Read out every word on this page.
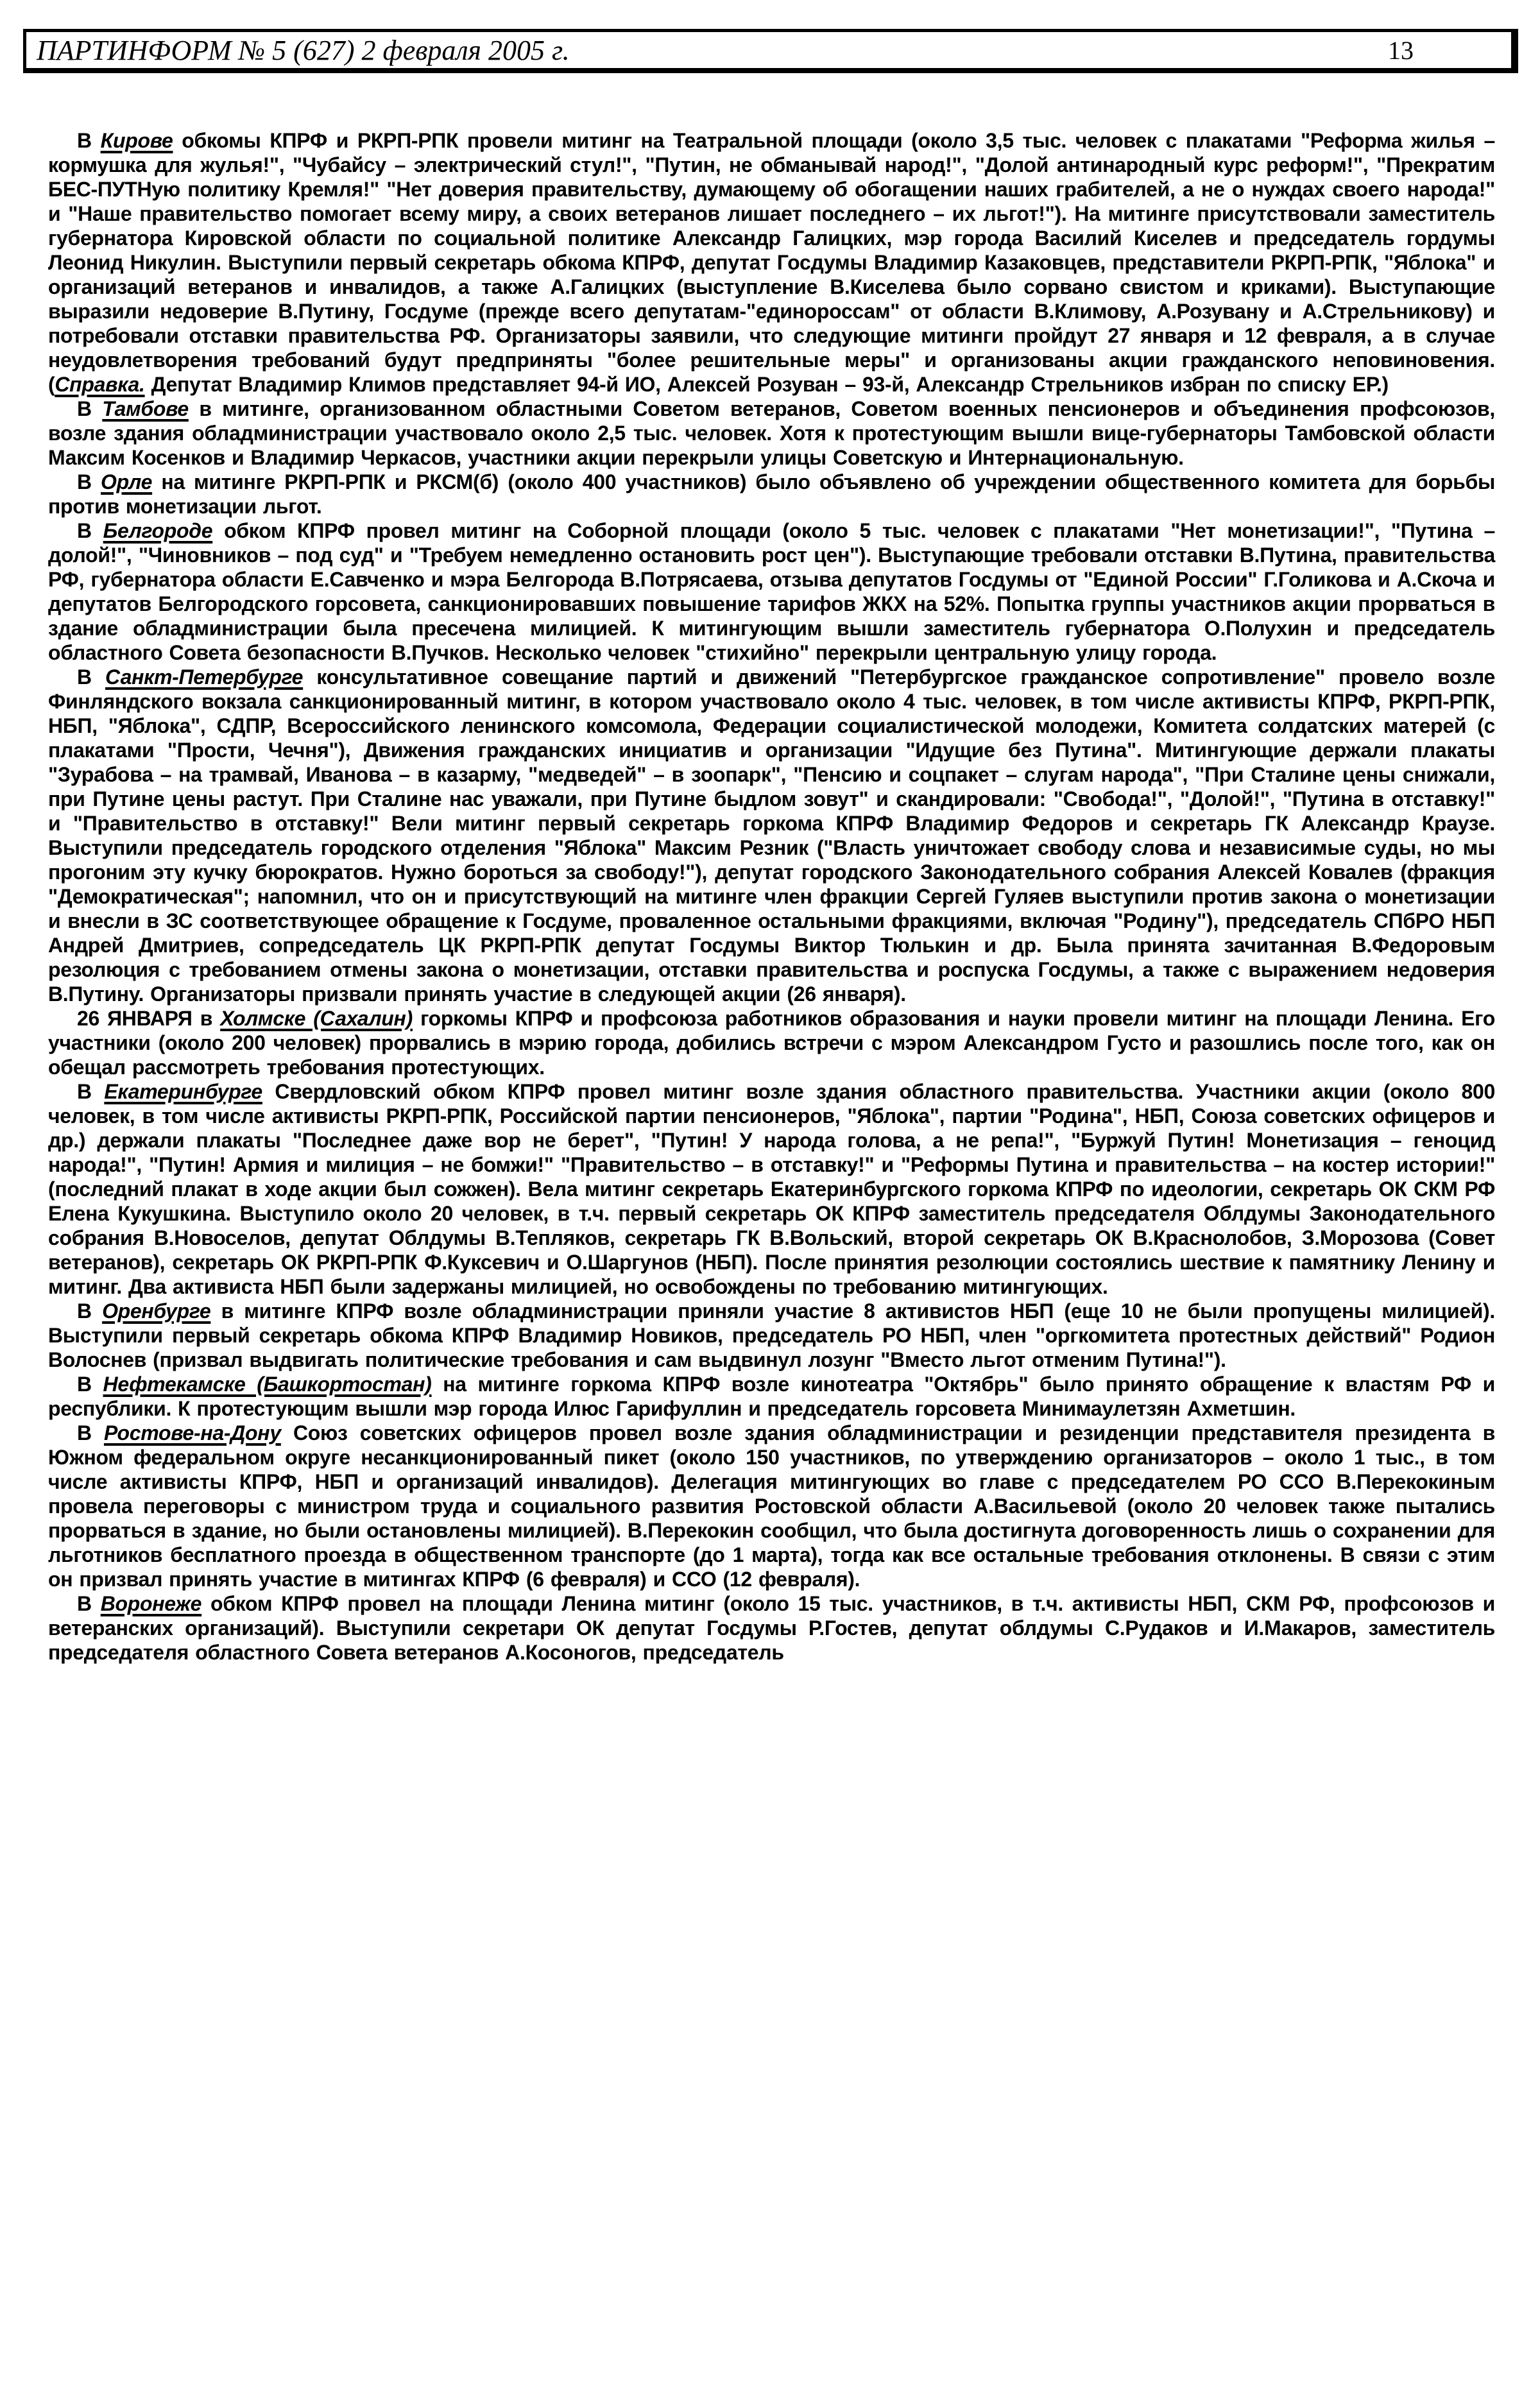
ПАРТИНФОРМ № 5 (627) 2 февраля 2005 г.	13

В Кирове обкомы КПРФ и РКРП-РПК провели митинг на Театральной площади (около 3,5 тыс. человек с плакатами "Реформа жилья – кормушка для жулья!", "Чубайсу – электрический стул!", "Путин, не обманывай народ!", "Долой антинародный курс реформ!", "Прекратим БЕС-ПУТНую политику Кремля!" "Нет доверия правительству, думающему об обогащении наших грабителей, а не о нуждах своего народа!" и "Наше правительство помогает всему миру, а своих ветеранов лишает последнего – их льгот!"). На митинге присутствовали заместитель губернатора Кировской области по социальной политике Александр Галицких, мэр города Василий Киселев и председатель гордумы Леонид Никулин. Выступили первый секретарь обкома КПРФ, депутат Госдумы Владимир Казаковцев, представители РКРП-РПК, "Яблока" и организаций ветеранов и инвалидов, а также А.Галицких (выступление В.Киселева было сорвано свистом и криками). Выступающие выразили недоверие В.Путину, Госдуме (прежде всего депутатам-"единороссам" от области В.Климову, А.Розувану и А.Стрельникову) и потребовали отставки правительства РФ. Организаторы заявили, что следующие митинги пройдут 27 января и 12 февраля, а в случае неудовлетворения требований будут предприняты "более решительные меры" и организованы акции гражданского неповиновения. (Справка. Депутат Владимир Климов представляет 94-й ИО, Алексей Розуван – 93-й, Александр Стрельников избран по списку ЕР.)

В Тамбове в митинге, организованном областными Советом ветеранов, Советом военных пенсионеров и объединения профсоюзов, возле здания обладминистрации участвовало около 2,5 тыс. человек. Хотя к протестующим вышли вице-губернаторы Тамбовской области Максим Косенков и Владимир Черкасов, участники акции перекрыли улицы Советскую и Интернациональную.

В Орле на митинге РКРП-РПК и РКСМ(б) (около 400 участников) было объявлено об учреждении общественного комитета для борьбы против монетизации льгот.

В Белгороде обком КПРФ провел митинг на Соборной площади (около 5 тыс. человек с плакатами "Нет монетизации!", "Путина – долой!", "Чиновников – под суд" и "Требуем немедленно остановить рост цен"). Выступающие требовали отставки В.Путина, правительства РФ, губернатора области Е.Савченко и мэра Белгорода В.Потрясаева, отзыва депутатов Госдумы от "Единой России" Г.Голикова и А.Скоча и депутатов Белгородского горсовета, санкционировавших повышение тарифов ЖКХ на 52%. Попытка группы участников акции прорваться в здание обладминистрации была пресечена милицией. К митингующим вышли заместитель губернатора О.Полухин и председатель областного Совета безопасности В.Пучков. Несколько человек "стихийно" перекрыли центральную улицу города.

В Санкт-Петербурге консультативное совещание партий и движений "Петербургское гражданское сопротивление" провело возле Финляндского вокзала санкционированный митинг, в котором участвовало около 4 тыс. человек, в том числе активисты КПРФ, РКРП-РПК, НБП, "Яблока", СДПР, Всероссийского ленинского комсомола, Федерации социалистической молодежи, Комитета солдатских матерей (с плакатами "Прости, Чечня"), Движения гражданских инициатив и организации "Идущие без Путина". Митингующие держали плакаты "Зурабова – на трамвай, Иванова – в казарму, "медведей" – в зоопарк", "Пенсию и соцпакет – слугам народа", "При Сталине цены снижали, при Путине цены растут. При Сталине нас уважали, при Путине быдлом зовут" и скандировали: "Свобода!", "Долой!", "Путина в отставку!" и "Правительство в отставку!" Вели митинг первый секретарь горкома КПРФ Владимир Федоров и секретарь ГК Александр Краузе. Выступили председатель городского отделения "Яблока" Максим Резник ("Власть уничтожает свободу слова и независимые суды, но мы прогоним эту кучку бюрократов. Нужно бороться за свободу!"), депутат городского Законодательного собрания Алексей Ковалев (фракция "Демократическая"; напомнил, что он и присутствующий на митинге член фракции Сергей Гуляев выступили против закона о монетизации и внесли в ЗС соответствующее обращение к Госдуме, проваленное остальными фракциями, включая "Родину"), председатель СПбРО НБП Андрей Дмитриев, сопредседатель ЦК РКРП-РПК депутат Госдумы Виктор Тюлькин и др. Была принята зачитанная В.Федоровым резолюция с требованием отмены закона о монетизации, отставки правительства и роспуска Госдумы, а также с выражением недоверия В.Путину. Организаторы призвали принять участие в следующей акции (26 января).

26 ЯНВАРЯ в Холмске (Сахалин) горкомы КПРФ и профсоюза работников образования и науки провели митинг на площади Ленина. Его участники (около 200 человек) прорвались в мэрию города, добились встречи с мэром Александром Густо и разошлись после того, как он обещал рассмотреть требования протестующих.

В Екатеринбурге Свердловский обком КПРФ провел митинг возле здания областного правительства. Участники акции (около 800 человек, в том числе активисты РКРП-РПК, Российской партии пенсионеров, "Яблока", партии "Родина", НБП, Союза советских офицеров и др.) держали плакаты "Последнее даже вор не берет", "Путин! У народа голова, а не репа!", "Буржуй Путин! Монетизация – геноцид народа!", "Путин! Армия и милиция – не бомжи!" "Правительство – в отставку!" и "Реформы Путина и правительства – на костер истории!" (последний плакат в ходе акции был сожжен). Вела митинг секретарь Екатеринбургского горкома КПРФ по идеологии, секретарь ОК СКМ РФ Елена Кукушкина. Выступило около 20 человек, в т.ч. первый секретарь ОК КПРФ заместитель председателя Облдумы Законодательного собрания В.Новоселов, депутат Облдумы В.Тепляков, секретарь ГК В.Вольский, второй секретарь ОК В.Краснолобов, З.Морозова (Совет ветеранов), секретарь ОК РКРП-РПК Ф.Куксевич и О.Шаргунов (НБП). После принятия резолюции состоялись шествие к памятнику Ленину и митинг. Два активиста НБП были задержаны милицией, но освобождены по требованию митингующих.

В Оренбурге в митинге КПРФ возле обладминистрации приняли участие 8 активистов НБП (еще 10 не были пропущены милицией). Выступили первый секретарь обкома КПРФ Владимир Новиков, председатель РО НБП, член "оргкомитета протестных действий" Родион Волоснев (призвал выдвигать политические требования и сам выдвинул лозунг "Вместо льгот отменим Путина!").

В Нефтекамске (Башкортостан) на митинге горкома КПРФ возле кинотеатра "Октябрь" было принято обращение к властям РФ и республики. К протестующим вышли мэр города Илюс Гарифуллин и председатель горсовета Минимаулетзян Ахметшин.

В Ростове-на-Дону Союз советских офицеров провел возле здания обладминистрации и резиденции представителя президента в Южном федеральном округе несанкционированный пикет (около 150 участников, по утверждению организаторов – около 1 тыс., в том числе активисты КПРФ, НБП и организаций инвалидов). Делегация митингующих во главе с председателем РО ССО В.Перекокиным провела переговоры с министром труда и социального развития Ростовской области А.Васильевой (около 20 человек также пытались прорваться в здание, но были остановлены милицией). В.Перекокин сообщил, что была достигнута договоренность лишь о сохранении для льготников бесплатного проезда в общественном транспорте (до 1 марта), тогда как все остальные требования отклонены. В связи с этим он призвал принять участие в митингах КПРФ (6 февраля) и ССО (12 февраля).

В Воронеже обком КПРФ провел на площади Ленина митинг (около 15 тыс. участников, в т.ч. активисты НБП, СКМ РФ, профсоюзов и ветеранских организаций). Выступили секретари ОК депутат Госдумы Р.Гостев, депутат облдумы С.Рудаков и И.Макаров, заместитель председателя областного Совета ветеранов А.Косоногов, председатель
